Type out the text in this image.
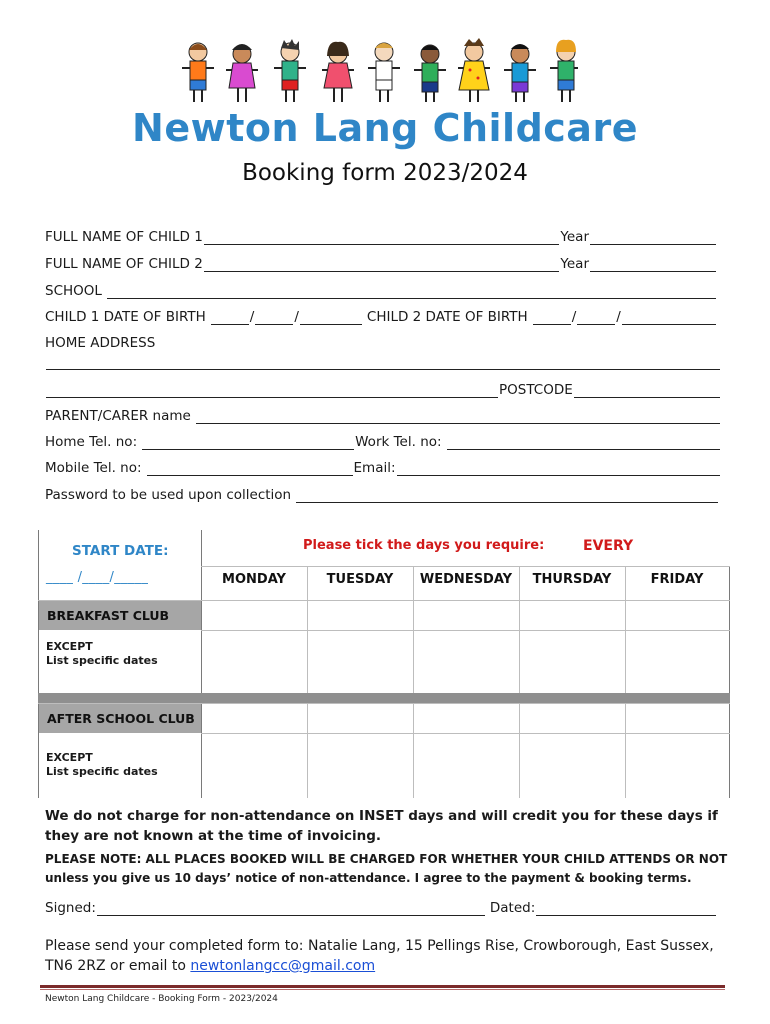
Newton Lang Childcare
Booking form 2023/2024
FULL NAME OF CHILD 1	Year
FULL NAME OF CHILD 2	Year
SCHOOL
CHILD 1 DATE OF BIRTH	/	/	CHILD 2 DATE OF BIRTH	/	/
HOME ADDRESS
POSTCODE
PARENT/CARER name
Home Tel. no:	Work Tel. no:
Mobile Tel. no:	Email:
Password to be used upon collection
START DATE:
____ /____/_____
Please tick the days you require:	EVERY
MONDAY	TUESDAY	WEDNESDAY	THURSDAY	FRIDAY
BREAKFAST CLUB
EXCEPT
List specific dates
AFTER SCHOOL CLUB
EXCEPT
List specific dates
We do not charge for non-attendance on INSET days and will credit you for these days if they are not known at the time of invoicing.
PLEASE NOTE: ALL PLACES BOOKED WILL BE CHARGED FOR WHETHER YOUR CHILD ATTENDS OR NOT unless you give us 10 days’ notice of non-attendance. I agree to the payment & booking terms.
Signed:	Dated:
Please send your completed form to: Natalie Lang, 15 Pellings Rise, Crowborough, East Sussex, TN6 2RZ or email to newtonlangcc@gmail.com
Newton Lang Childcare - Booking Form - 2023/2024
